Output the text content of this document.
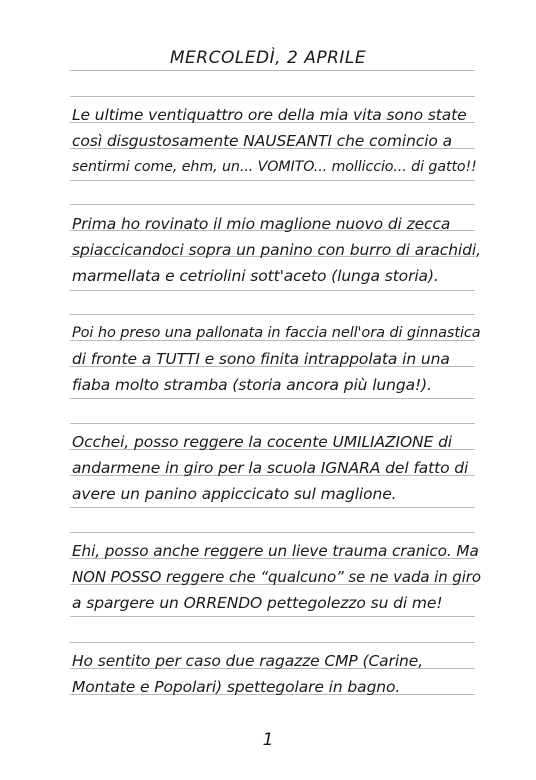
MERCOLEDÌ, 2 APRILE
Le ultime ventiquattro ore della mia vita sono state
così disgustosamente NAUSEANTI che comincio a
sentirmi come, ehm, un... VOMITO... molliccio... di gatto!!
Prima ho rovinato il mio maglione nuovo di zecca
spiaccicandoci sopra un panino con burro di arachidi,
marmellata e cetriolini sott'aceto (lunga storia).
Poi ho preso una pallonata in faccia nell'ora di ginnastica
di fronte a TUTTI e sono finita intrappolata in una
fiaba molto stramba (storia ancora più lunga!).
Occhei, posso reggere la cocente UMILIAZIONE di
andarmene in giro per la scuola IGNARA del fatto di
avere un panino appiccicato sul maglione.
Ehi, posso anche reggere un lieve trauma cranico. Ma
NON POSSO reggere che “qualcuno” se ne vada in giro
a spargere un ORRENDO pettegolezzo su di me!
Ho sentito per caso due ragazze CMP (Carine,
Montate e Popolari) spettegolare in bagno.
1
